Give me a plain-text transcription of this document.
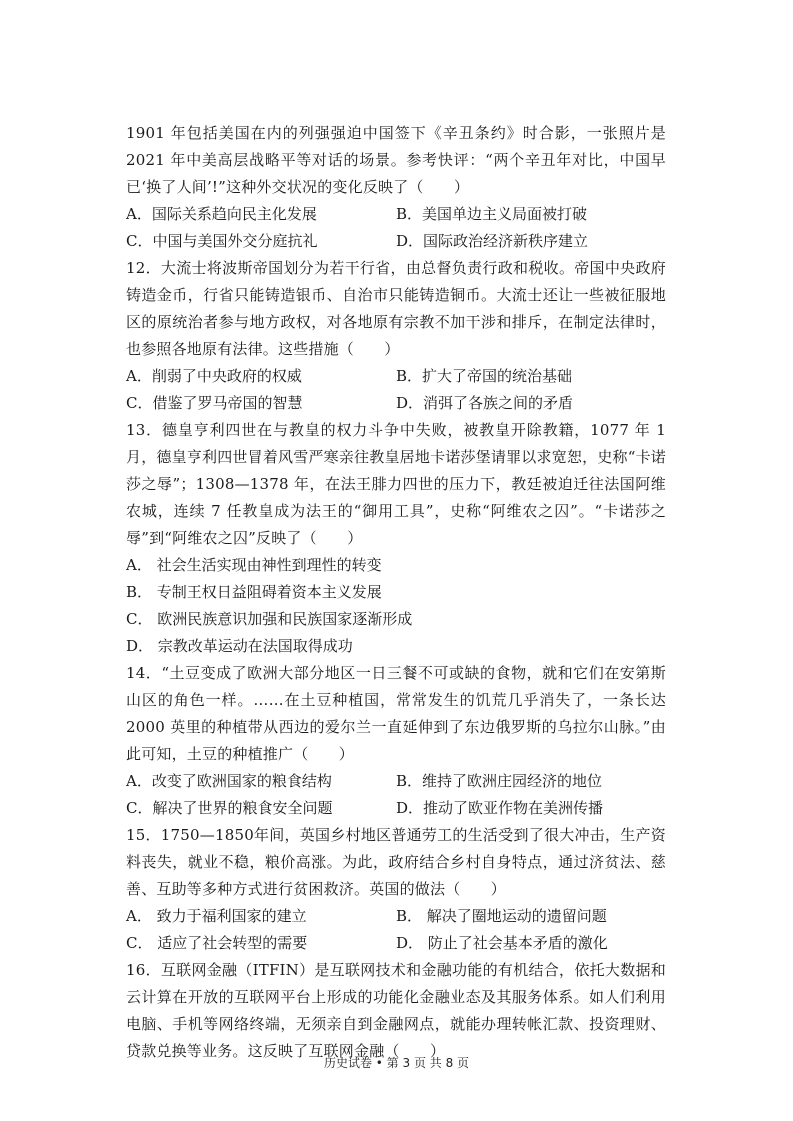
1901 年包括美国在内的列强强迫中国签下《辛丑条约》时合影，一张照片是 2021 年中美高层战略平等对话的场景。参考快评：“两个辛丑年对比，中国早已‘换了人间’!”这种外交状况的变化反映了（　　）

A．国际关系趋向民主化发展	B．美国单边主义局面被打破
C．中国与美国外交分庭抗礼	D．国际政治经济新秩序建立

12．大流士将波斯帝国划分为若干行省，由总督负责行政和税收。帝国中央政府铸造金币，行省只能铸造银币、自治市只能铸造铜币。大流士还让一些被征服地区的原统治者参与地方政权，对各地原有宗教不加干涉和排斥，在制定法律时，也参照各地原有法律。这些措施（　　）

A．削弱了中央政府的权威	B．扩大了帝国的统治基础
C．借鉴了罗马帝国的智慧	D．消弭了各族之间的矛盾

13．德皇亨利四世在与教皇的权力斗争中失败，被教皇开除教籍，1077 年 1 月，德皇亨利四世冒着风雪严寒亲往教皇居地卡诺莎堡请罪以求宽恕，史称“卡诺莎之辱”；1308—1378 年，在法王腓力四世的压力下，教廷被迫迁往法国阿维农城，连续 7 任教皇成为法王的“御用工具”，史称“阿维农之囚”。“卡诺莎之辱”到“阿维农之囚”反映了（　　）

A． 社会生活实现由神性到理性的转变

B． 专制王权日益阻碍着资本主义发展

C． 欧洲民族意识加强和民族国家逐渐形成

D． 宗教改革运动在法国取得成功

14．“土豆变成了欧洲大部分地区一日三餐不可或缺的食物，就和它们在安第斯山区的角色一样。……在土豆种植国，常常发生的饥荒几乎消失了，一条长达 2000 英里的种植带从西边的爱尔兰一直延伸到了东边俄罗斯的乌拉尔山脉。”由此可知，土豆的种植推广（　　）

A．改变了欧洲国家的粮食结构	B．维持了欧洲庄园经济的地位
C．解决了世界的粮食安全问题	D．推动了欧亚作物在美洲传播

15．1750—1850年间，英国乡村地区普通劳工的生活受到了很大冲击，生产资料丧失，就业不稳，粮价高涨。为此，政府结合乡村自身特点，通过济贫法、慈善、互助等多种方式进行贫困救济。英国的做法（　　）

A． 致力于福利国家的建立	B． 解决了圈地运动的遗留问题
C． 适应了社会转型的需要	D． 防止了社会基本矛盾的激化

16．互联网金融（ITFIN）是互联网技术和金融功能的有机结合，依托大数据和云计算在开放的互联网平台上形成的功能化金融业态及其服务体系。如人们利用电脑、手机等网络终端，无须亲自到金融网点，就能办理转帐汇款、投资理财、贷款兑换等业务。这反映了互联网金融（　　）

历史试卷 • 第 3 页 共 8 页
